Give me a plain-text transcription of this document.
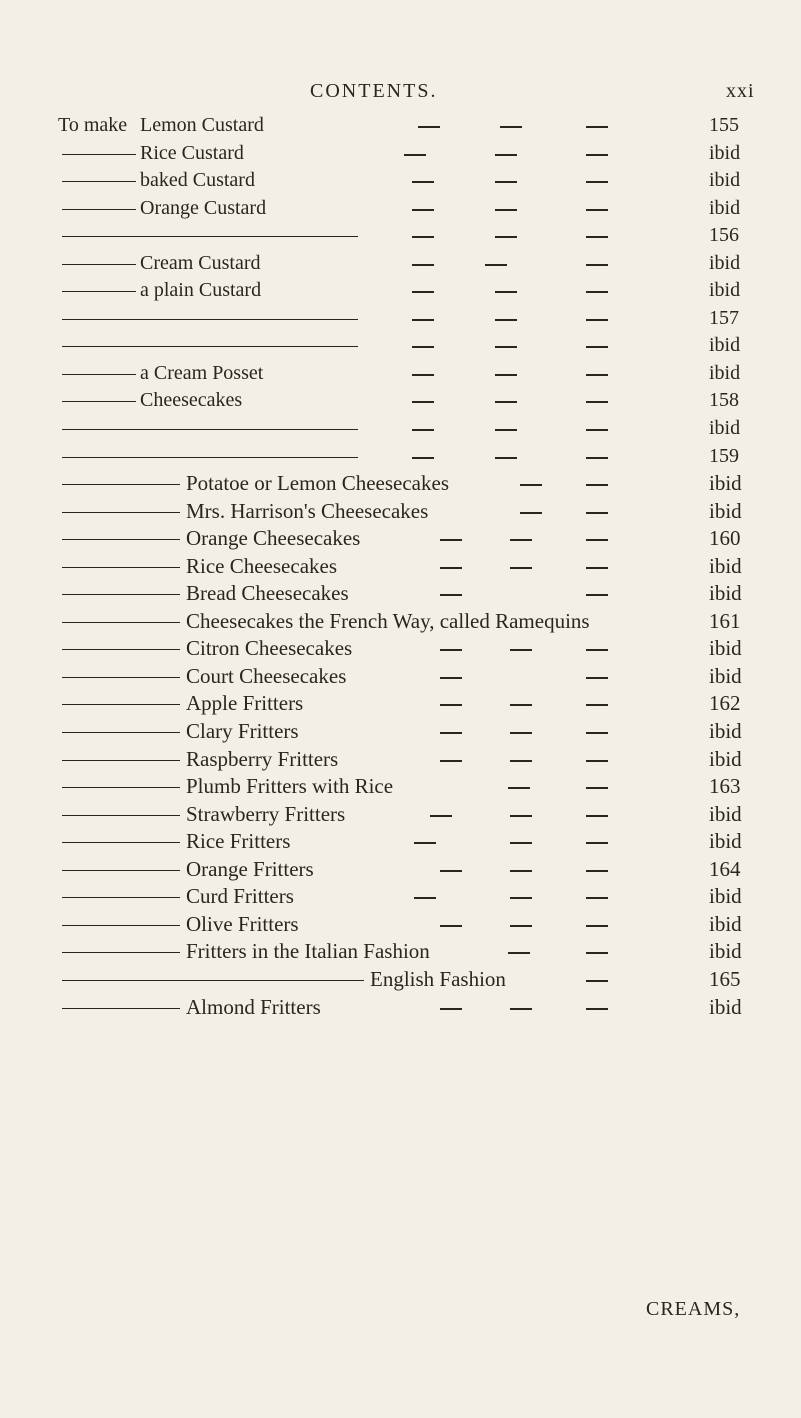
CONTENTS.	xxi
To make Lemon Custard	155
Rice Custard	ibid
baked Custard	ibid
Orange Custard	ibid
156
Cream Custard	ibid
a plain Custard	ibid
157
ibid
a Cream Posset	ibid
Cheesecakes	158
ibid
159
Potatoe or Lemon Cheesecakes	ibid
Mrs. Harrison's Cheesecakes	ibid
Orange Cheesecakes	160
Rice Cheesecakes	ibid
Bread Cheesecakes	ibid
Cheesecakes the French Way, called Ramequins	161
Citron Cheesecakes	ibid
Court Cheesecakes	ibid
Apple Fritters	162
Clary Fritters	ibid
Raspberry Fritters	ibid
Plumb Fritters with Rice	163
Strawberry Fritters	ibid
Rice Fritters	ibid
Orange Fritters	164
Curd Fritters	ibid
Olive Fritters	ibid
Fritters in the Italian Fashion	ibid
English Fashion	165
Almond Fritters	ibid
CREAMS,
